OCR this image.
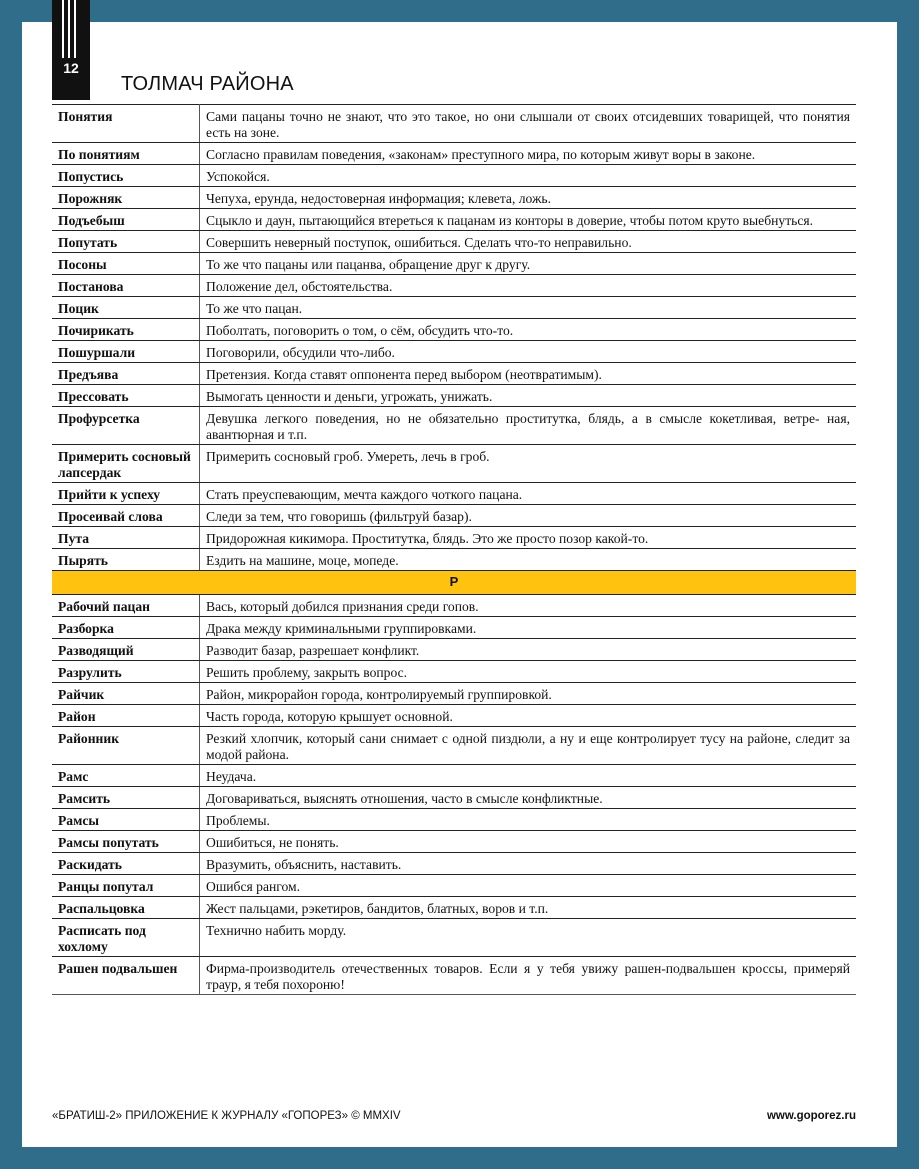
12
ТОЛМАЧ РАЙОНА
Понятия	Сами пацаны точно не знают, что это такое, но они слышали от своих отсидевших товарищей, что понятия есть на зоне.
По понятиям	Согласно правилам поведения, «законам» преступного мира, по которым живут воры в законе.
Попустись	Успокойся.
Порожняк	Чепуха, ерунда, недостоверная информация; клевета, ложь.
Подъебыш	Сцыкло и даун, пытающийся втереться к пацанам из конторы в доверие, чтобы потом круто выебнуться.
Попутать	Совершить неверный поступок, ошибиться. Сделать что-то неправильно.
Посоны	То же что пацаны или пацанва, обращение друг к другу.
Постанова	Положение дел, обстоятельства.
Поцик	То же что пацан.
Почирикать	Поболтать, поговорить о том, о сём, обсудить что-то.
Пошуршали	Поговорили, обсудили что-либо.
Предъява	Претензия. Когда ставят оппонента перед выбором (неотвратимым).
Прессовать	Вымогать ценности и деньги, угрожать, унижать.
Профурсетка	Девушка легкого поведения, но не обязательно проститутка, блядь, а в смысле кокетливая, ветре- ная, авантюрная и т.п.
Примерить сосновый лапсердак	Примерить сосновый гроб. Умереть, лечь в гроб.
Прийти к успеху	Стать преуспевающим, мечта каждого чоткого пацана.
Просеивай слова	Следи за тем, что говоришь (фильтруй базар).
Пута	Придорожная кикимора. Проститутка, блядь. Это же просто позор какой-то.
Пырять	Ездить на машине, моце, мопеде.
Р	
Рабочий пацан	Вась, который добился признания среди гопов.
Разборка	Драка между криминальными группировками.
Разводящий	Разводит базар, разрешает конфликт.
Разрулить	Решить проблему, закрыть вопрос.
Райчик	Район, микрорайон города, контролируемый группировкой.
Район	Часть города, которую крышует основной.
Районник	Резкий хлопчик, который сани снимает с одной пиздюли, а ну и еще контролирует тусу на районе, следит за модой района.
Рамс	Неудача.
Рамсить	Договариваться, выяснять отношения, часто в смысле конфликтные.
Рамсы	Проблемы.
Рамсы попутать	Ошибиться, не понять.
Раскидать	Вразумить, объяснить, наставить.
Ранцы попутал	Ошибся рангом.
Распальцовка	Жест пальцами, рэкетиров, бандитов, блатных, воров и т.п.
Расписать под хохлому	Технично набить морду.
Рашен подвальшен	Фирма-производитель отечественных товаров. Если я у тебя увижу рашен-подвальшен кроссы, примеряй траур, я тебя похороню!
«БРАТИШ-2» ПРИЛОЖЕНИЕ К ЖУРНАЛУ «ГОПОРЕЗ» © MMXIV	www.goporez.ru
